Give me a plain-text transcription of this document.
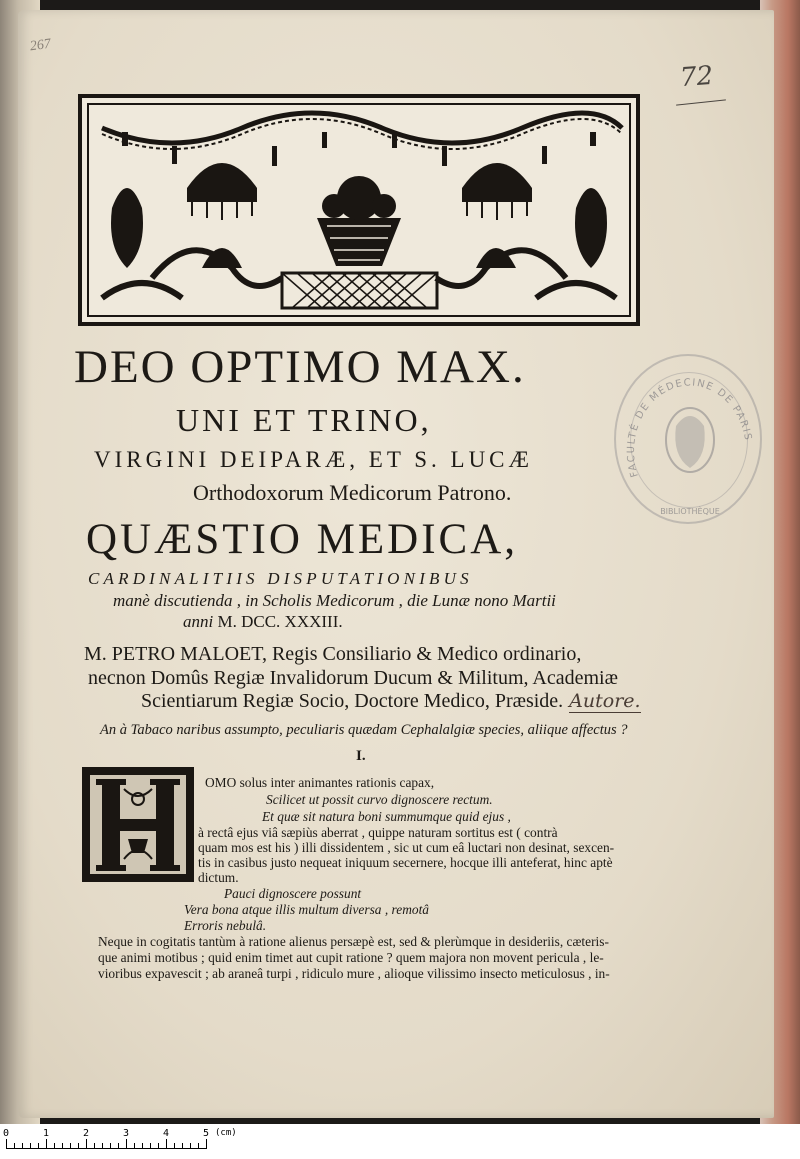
267
72
FACULTÉ DE MÉDECINE DE PARIS
BIBLIOTHÈQUE
DEO OPTIMO MAX.
UNI ET TRINO,
VIRGINI DEIPARÆ, ET S. LUCÆ
Orthodoxorum Medicorum Patrono.
QUÆSTIO MEDICA,
CARDINALITIIS DISPUTATIONIBUS
manè discutienda , in Scholis Medicorum , die Lunæ nono Martii
anni M. DCC. XXXIII.
M. PETRO MALOET, Regis Consiliario & Medico ordinario,
necnon Domûs Regiæ Invalidorum Ducum & Militum, Academiæ
Scientiarum Regiæ Socio, Doctore Medico, Præside. Autore.
An à Tabaco naribus assumpto, peculiaris quædam Cephalalgiæ species, aliique affectus ?
I.
OMO solus inter animantes rationis capax,
Scilicet ut possit curvo dignoscere rectum.
Et quæ sit natura boni summumque quid ejus ,
à rectâ ejus viâ sæpiùs aberrat , quippe naturam sortitus est ( contrà
quam mos est his ) illi dissidentem , sic ut cum eâ luctari non desinat, sexcen-
tis in casibus justo nequeat iniquum secernere, hocque illi anteferat, hinc aptè
dictum.
Pauci dignoscere possunt
Vera bona atque illis multum diversa , remotâ
Erroris nebulâ.
Neque in cogitatis tantùm à ratione alienus persæpè est, sed & plerùmque in desideriis, cæteris-
que animi motibus ; quid enim timet aut cupit ratione ? quem majora non movent pericula , le-
vioribus expavescit ; ab araneâ turpi , ridiculo mure , alioque vilissimo insecto meticulosus , in-
0	1	2	3	4	5 (cm)
